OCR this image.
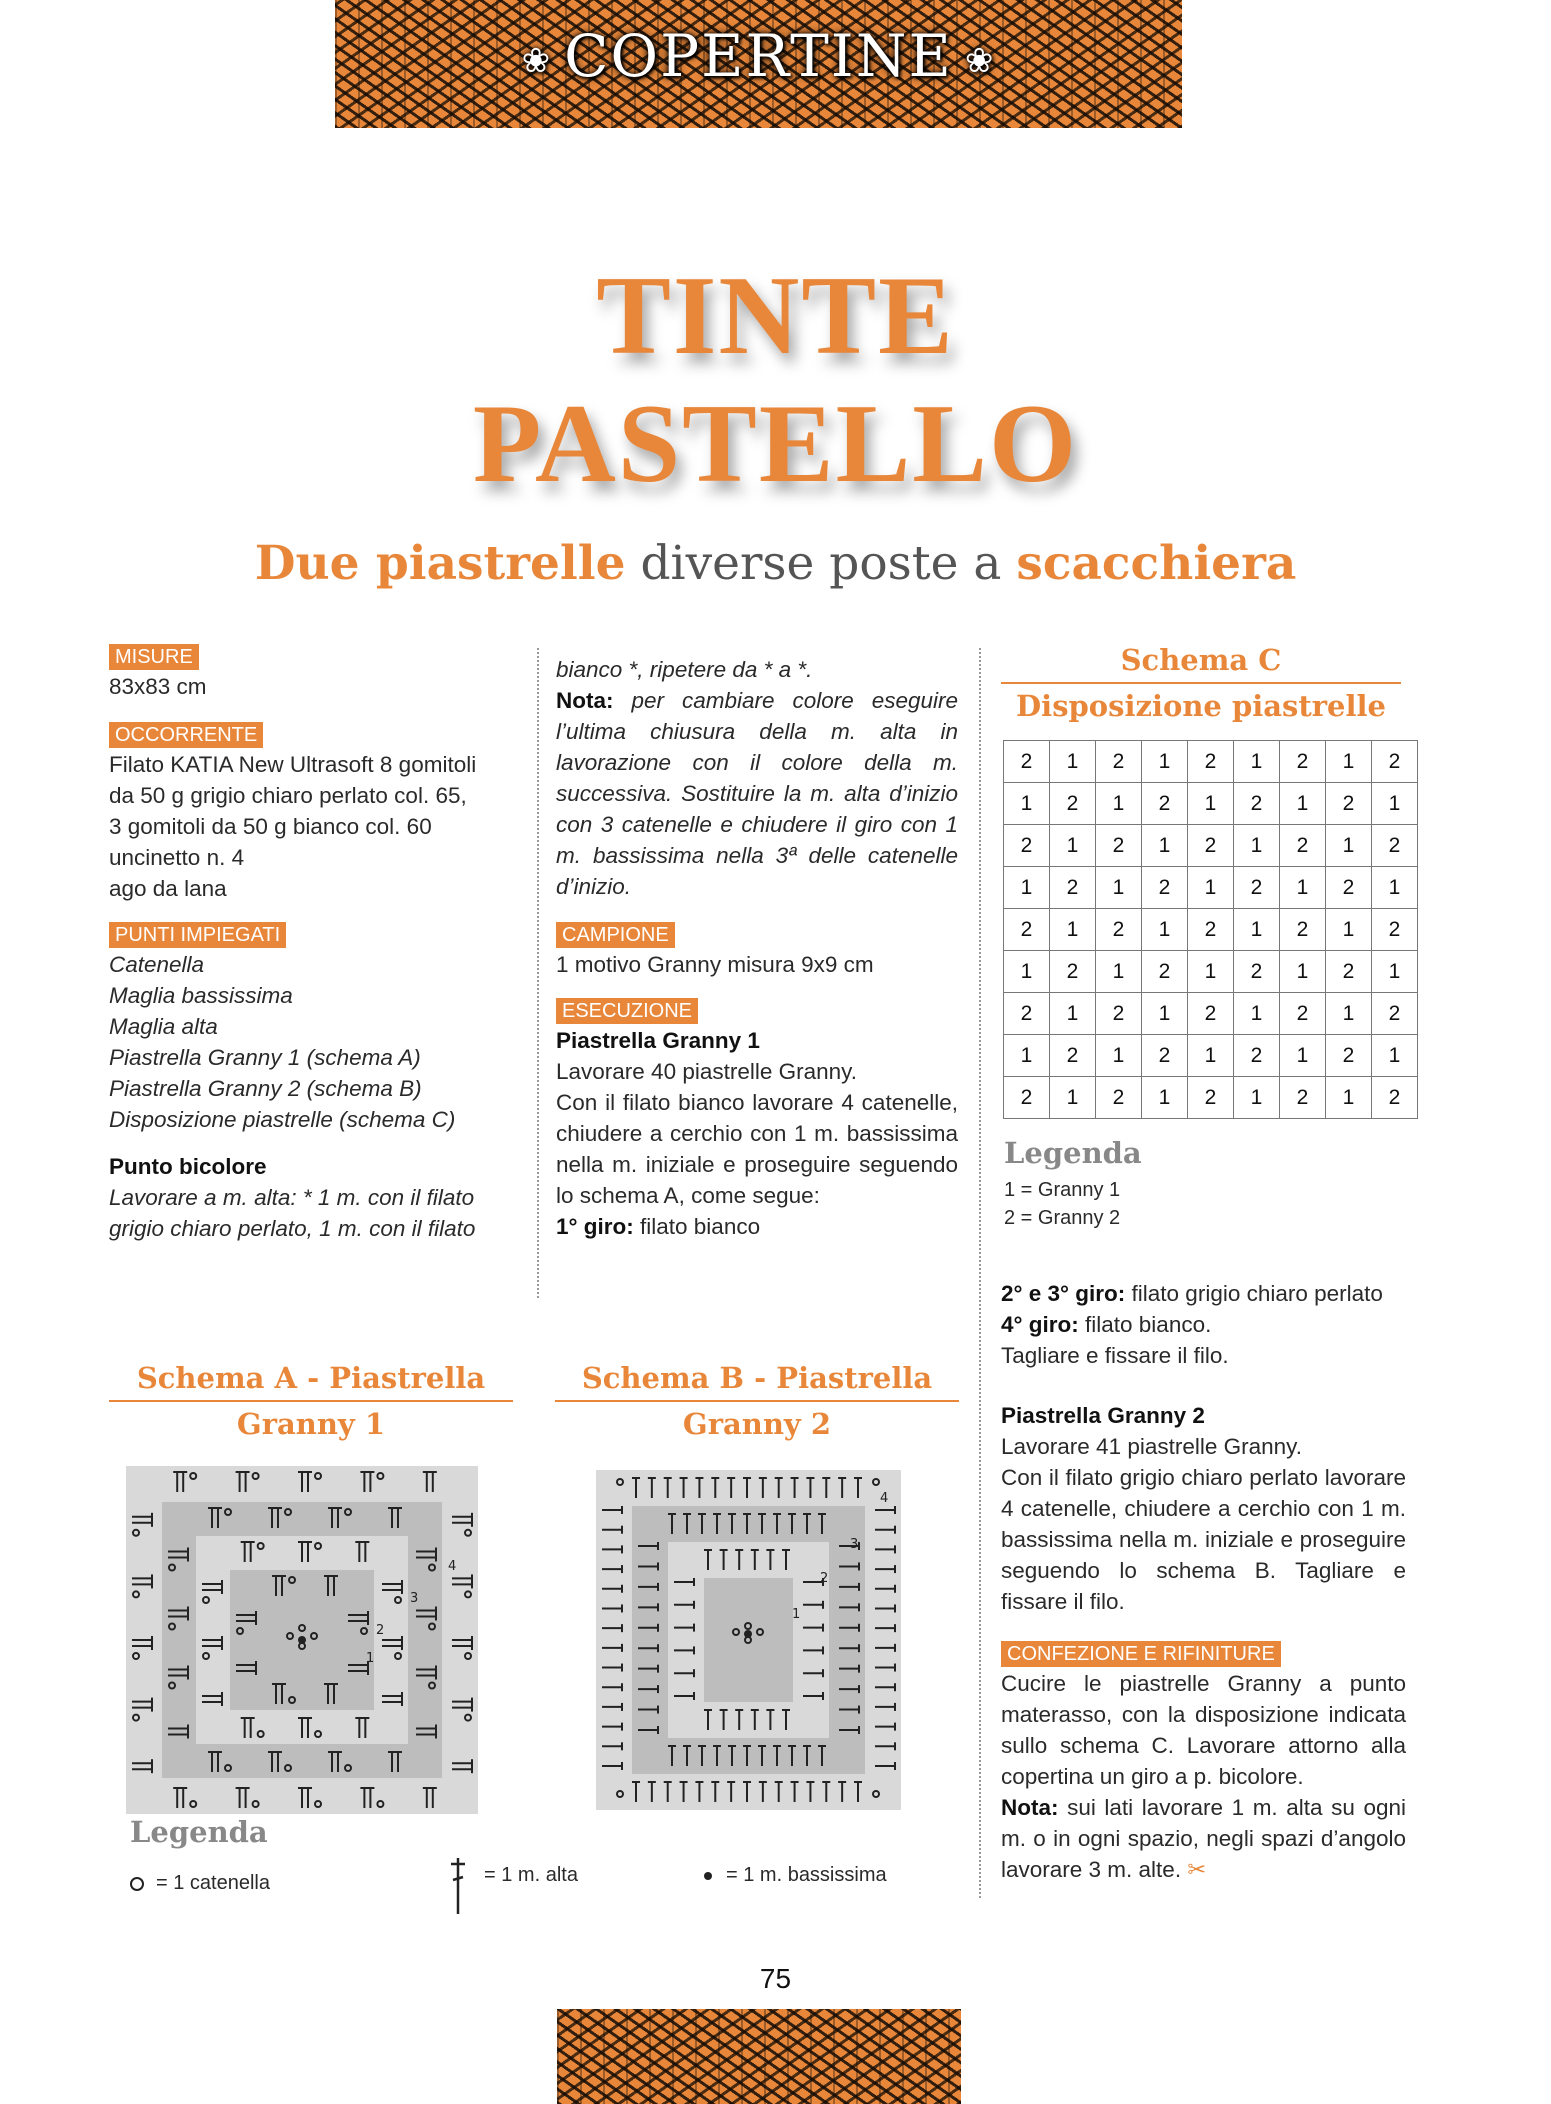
❀ COPERTINE ❀
TINTE
PASTELLO
Due piastrelle diverse poste a scacchiera
MISURE
83x83 cm
OCCORRENTE
Filato KATIA New Ultrasoft 8 gomitoli
da 50 g grigio chiaro perlato col. 65,
3 gomitoli da 50 g bianco col. 60
uncinetto n. 4
ago da lana
PUNTI IMPIEGATI
Catenella
Maglia bassissima
Maglia alta
Piastrella Granny 1 (schema A)
Piastrella Granny 2 (schema B)
Disposizione piastrelle (schema C)
Punto bicolore
Lavorare a m. alta: * 1 m. con il filato
grigio chiaro perlato, 1 m. con il filato
bianco *, ripetere da * a *.
Nota: per cambiare colore eseguire l’ultima chiusura della m. alta in lavorazione con il colore della m. successiva. Sostituire la m. alta d’inizio con 3 catenelle e chiudere il giro con 1 m. bassissima nella 3ª delle catenelle d’inizio.
CAMPIONE
1 motivo Granny misura 9x9 cm
ESECUZIONE
Piastrella Granny 1
Lavorare 40 piastrelle Granny.
Con il filato bianco lavorare 4 catenelle, chiudere a cerchio con 1 m. bassissima nella m. iniziale e proseguire seguendo lo schema A, come segue:
1° giro: filato bianco
Schema C
Disposizione piastrelle
2	1	2	1	2	1	2	1	2
1	2	1	2	1	2	1	2	1
2	1	2	1	2	1	2	1	2
1	2	1	2	1	2	1	2	1
2	1	2	1	2	1	2	1	2
1	2	1	2	1	2	1	2	1
2	1	2	1	2	1	2	1	2
1	2	1	2	1	2	1	2	1
2	1	2	1	2	1	2	1	2
Legenda
1 = Granny 1
2 = Granny 2
2° e 3° giro: filato grigio chiaro perlato
4° giro: filato bianco.
Tagliare e fissare il filo.
Piastrella Granny 2
Lavorare 41 piastrelle Granny.
Con il filato grigio chiaro perlato lavorare 4 catenelle, chiudere a cerchio con 1 m. bassissima nella m. iniziale e proseguire seguendo lo schema B. Tagliare e fissare il filo.
CONFEZIONE E RIFINITURE
Cucire le piastrelle Granny a punto materasso, con la disposizione indicata sullo schema C. Lavorare attorno alla copertina un giro a p. bicolore.
Nota: sui lati lavorare 1 m. alta su ogni m. o in ogni spazio, negli spazi d’angolo lavorare 3 m. alte. ✂
Schema A - Piastrella
Granny 1
Schema B - Piastrella
Granny 2
1
2
3
4
1
2
3
4
Legenda
= 1 catenella	= 1 m. alta	= 1 m. bassissima
75
